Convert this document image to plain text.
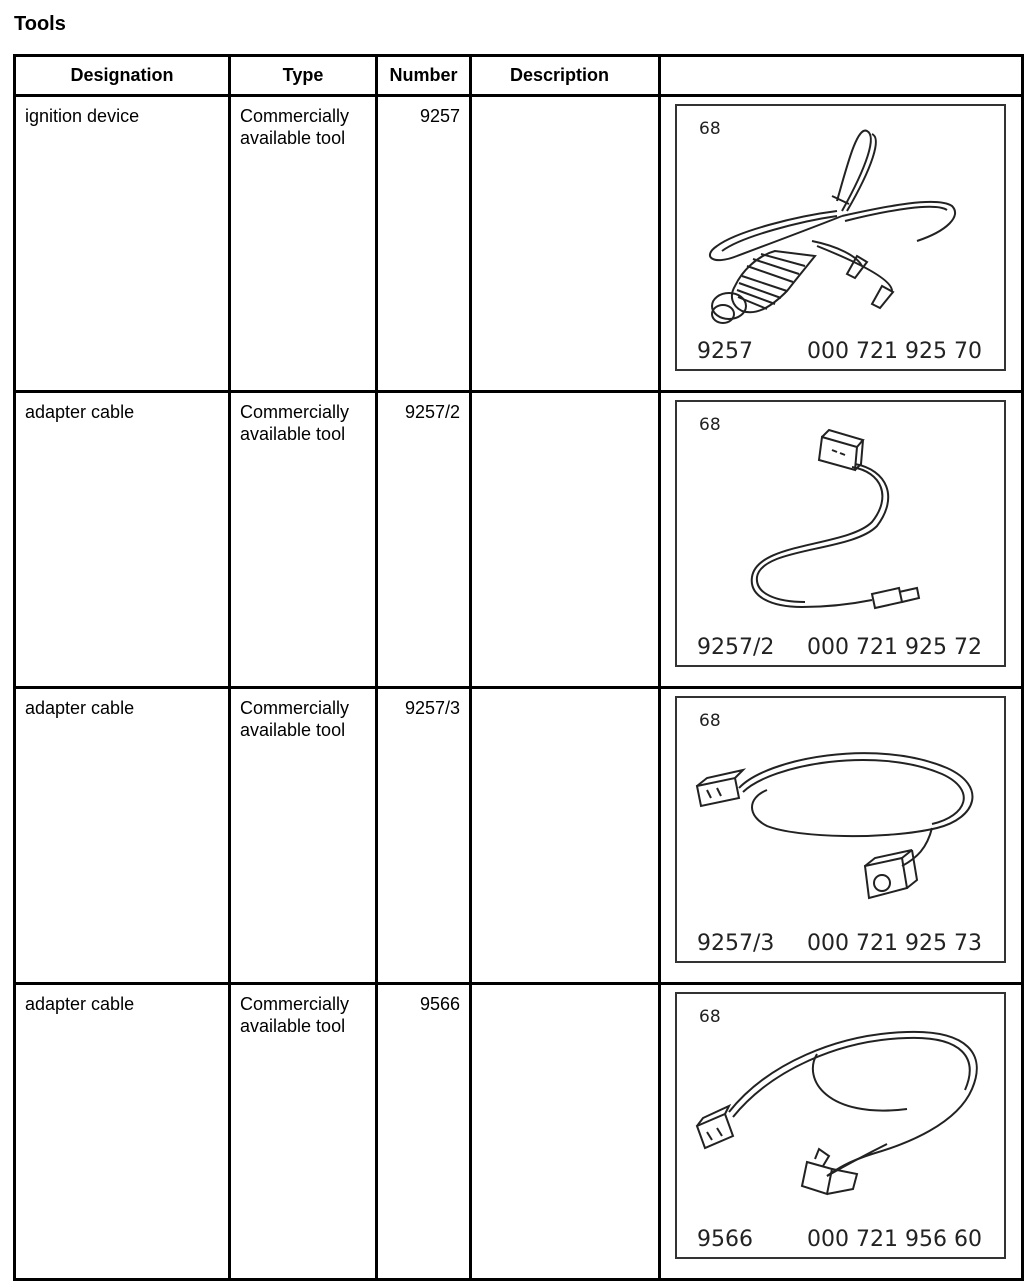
Tools
Designation	Type	Number	Description	
ignition device	Commercially available tool	9257		68
9257 000 721 925 70

adapter cable	Commercially available tool	9257/2		68
9257/2 000 721 925 72

adapter cable	Commercially available tool	9257/3		68
9257/3 000 721 925 73

adapter cable	Commercially available tool	9566		68
9566 000 721 956 60
